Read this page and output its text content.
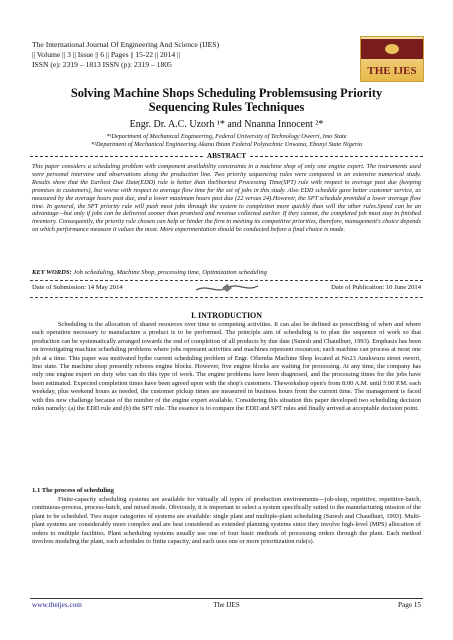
The International Journal Of Engineering And Science (IJES)
|| Volume || 3 || Issue || 6 || Pages || 15-22 || 2014 ||
ISSN (e): 2319 – 1813 ISSN (p): 2319 – 1805
THE IJES
Solving Machine Shops Scheduling Problemsusing Priority Sequencing Rules Techniques
Engr. Dr. A.C. Uzorh ¹* and Nnanna Innocent ²*
*¹Department of Mechanical Engineering, Federal University of Technology Owerri, Imo State
*²Department of Mechanical Engineering Akanu Ibiam Federal Polytechnic Unwana, Ebonyi State Nigeria
ABSTRACT
This paper considers a scheduling problem with component availability constraints in a machine shop of only one engine expert. The instruments used were personal interview and observations along the production line. Two priority sequencing rules were compared in an extensive numerical study. Results show that the Earliest Due Date(EDD) rule is better than theShortest Processing Time(SPT) rule with respect to average past due (keeping promises to customers), but worse with respect to average flow time for the set of jobs in this study. Also EDD schedule gave better customer service, as measured by the average hours past due, and a lower maximum hours past due (22 versus 24).However, the SPT schedule provided a lower average flow time. In general, the SPT priority rule will push most jobs through the system to completion more quickly than will the other rules.Speed can be an advantage—but only if jobs can be delivered sooner than promised and revenue collected earlier. If they cannot, the completed job must stay in finished inventory. Consequently, the priority rule chosen can help or hinder the firm in meeting its competitive priorities, therefore, management's choice depends on which performance measure it values the most. More experimentation should be conducted before a final choice is made.
KEY WORDS: Job scheduling, Machine Shop, processing time, Optimization scheduling
Date of Submission: 14 May 2014	Date of Publication: 10 June 2014
I. INTRODUCTION

Scheduling is the allocation of shared resources over time to competing activities. It can also be defined as prescribing of when and where each operation necessary to manufacture a product is to be performed. The principle aim of scheduling is to plan the sequence of work so that production can be systematically arranged towards the end of completion of all products by due date (Suresh and Chaudhuri, 1993). Emphasis has been on investigating machine scheduling problems where jobs represent activities and machines represent resources; each machine can process at most one job at a time. This paper was motivated bythe current scheduling problem of Engr. Ofiemba Machine Shop located at No23 Anukwuru street owerri, Imo state. The machine shop presently rebores engine blocks. However, five engine blocks are waiting for processing. At any time, the company has only one engine expert on duty who can do this type of work. The engine problems have been diagnosed, and the processing times for the jobs have been estimated. Expected completion times have been agreed upon with the shop's customers. Theworkshop open's from 8:00 A.M. until 5:00 P.M. each weekday, plus weekend hours as needed, the customer pickup times are measured in business hours from the current time. The management is faced with this new challenge because of the number of the engine expert available. Considering this situation this paper developed two scheduling decision rules namely: (a) the EDD rule and (b) the SPT rule. The essence is to compare the EDD and SPT rules and finally arrived at acceptable decision point.

1.1 The process of scheduling

Finite-capacity scheduling systems are available for virtually all types of production environments—job-shop, repetitive, repetitive-batch, continuous-process, process-batch, and mixed mode. Obviously, it is important to select a system specifically suited to the manufacturing mission of the plant to be scheduled. Two major categories of systems are available: single plant and multiple-plant scheduling (Suresh and Chaudhuri, 1993). Multi-plant systems are considerably more complex and are best considered as extended planning systems since they involve high-level (MPS) allocation of orders to multiple facilities. Plant scheduling systems usually use one of four basic methods of processing orders through the plant. Each method involves modeling the plant, each schedules to finite capacity, and each uses one or more prioritization rule(s).

www.theijes.com	The IJES	Page 15
